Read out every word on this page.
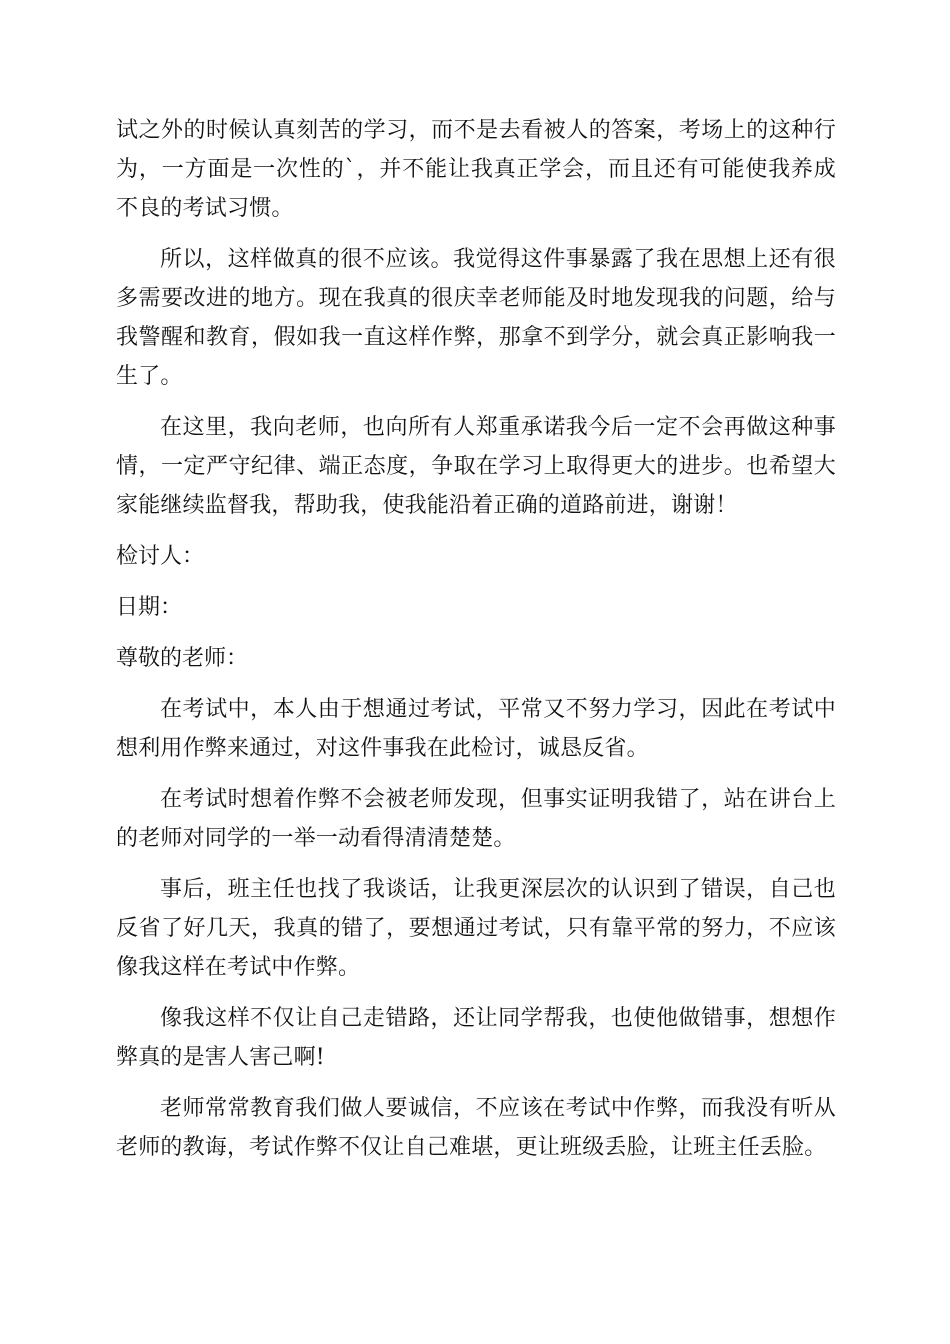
试之外的时候认真刻苦的学习，而不是去看被人的答案，考场上的这种行为，一方面是一次性的`，并不能让我真正学会，而且还有可能使我养成不良的考试习惯。

所以，这样做真的很不应该。我觉得这件事暴露了我在思想上还有很多需要改进的地方。现在我真的很庆幸老师能及时地发现我的问题，给与我警醒和教育，假如我一直这样作弊，那拿不到学分，就会真正影响我一生了。

在这里，我向老师，也向所有人郑重承诺我今后一定不会再做这种事情，一定严守纪律、端正态度，争取在学习上取得更大的进步。也希望大家能继续监督我，帮助我，使我能沿着正确的道路前进，谢谢！

检讨人：

日期：

尊敬的老师：

在考试中，本人由于想通过考试，平常又不努力学习，因此在考试中想利用作弊来通过，对这件事我在此检讨，诚恳反省。

在考试时想着作弊不会被老师发现，但事实证明我错了，站在讲台上的老师对同学的一举一动看得清清楚楚。

事后，班主任也找了我谈话，让我更深层次的认识到了错误，自己也反省了好几天，我真的错了，要想通过考试，只有靠平常的努力，不应该像我这样在考试中作弊。

像我这样不仅让自己走错路，还让同学帮我，也使他做错事，想想作弊真的是害人害己啊!

老师常常教育我们做人要诚信，不应该在考试中作弊，而我没有听从老师的教诲，考试作弊不仅让自己难堪，更让班级丢脸，让班主任丢脸。
